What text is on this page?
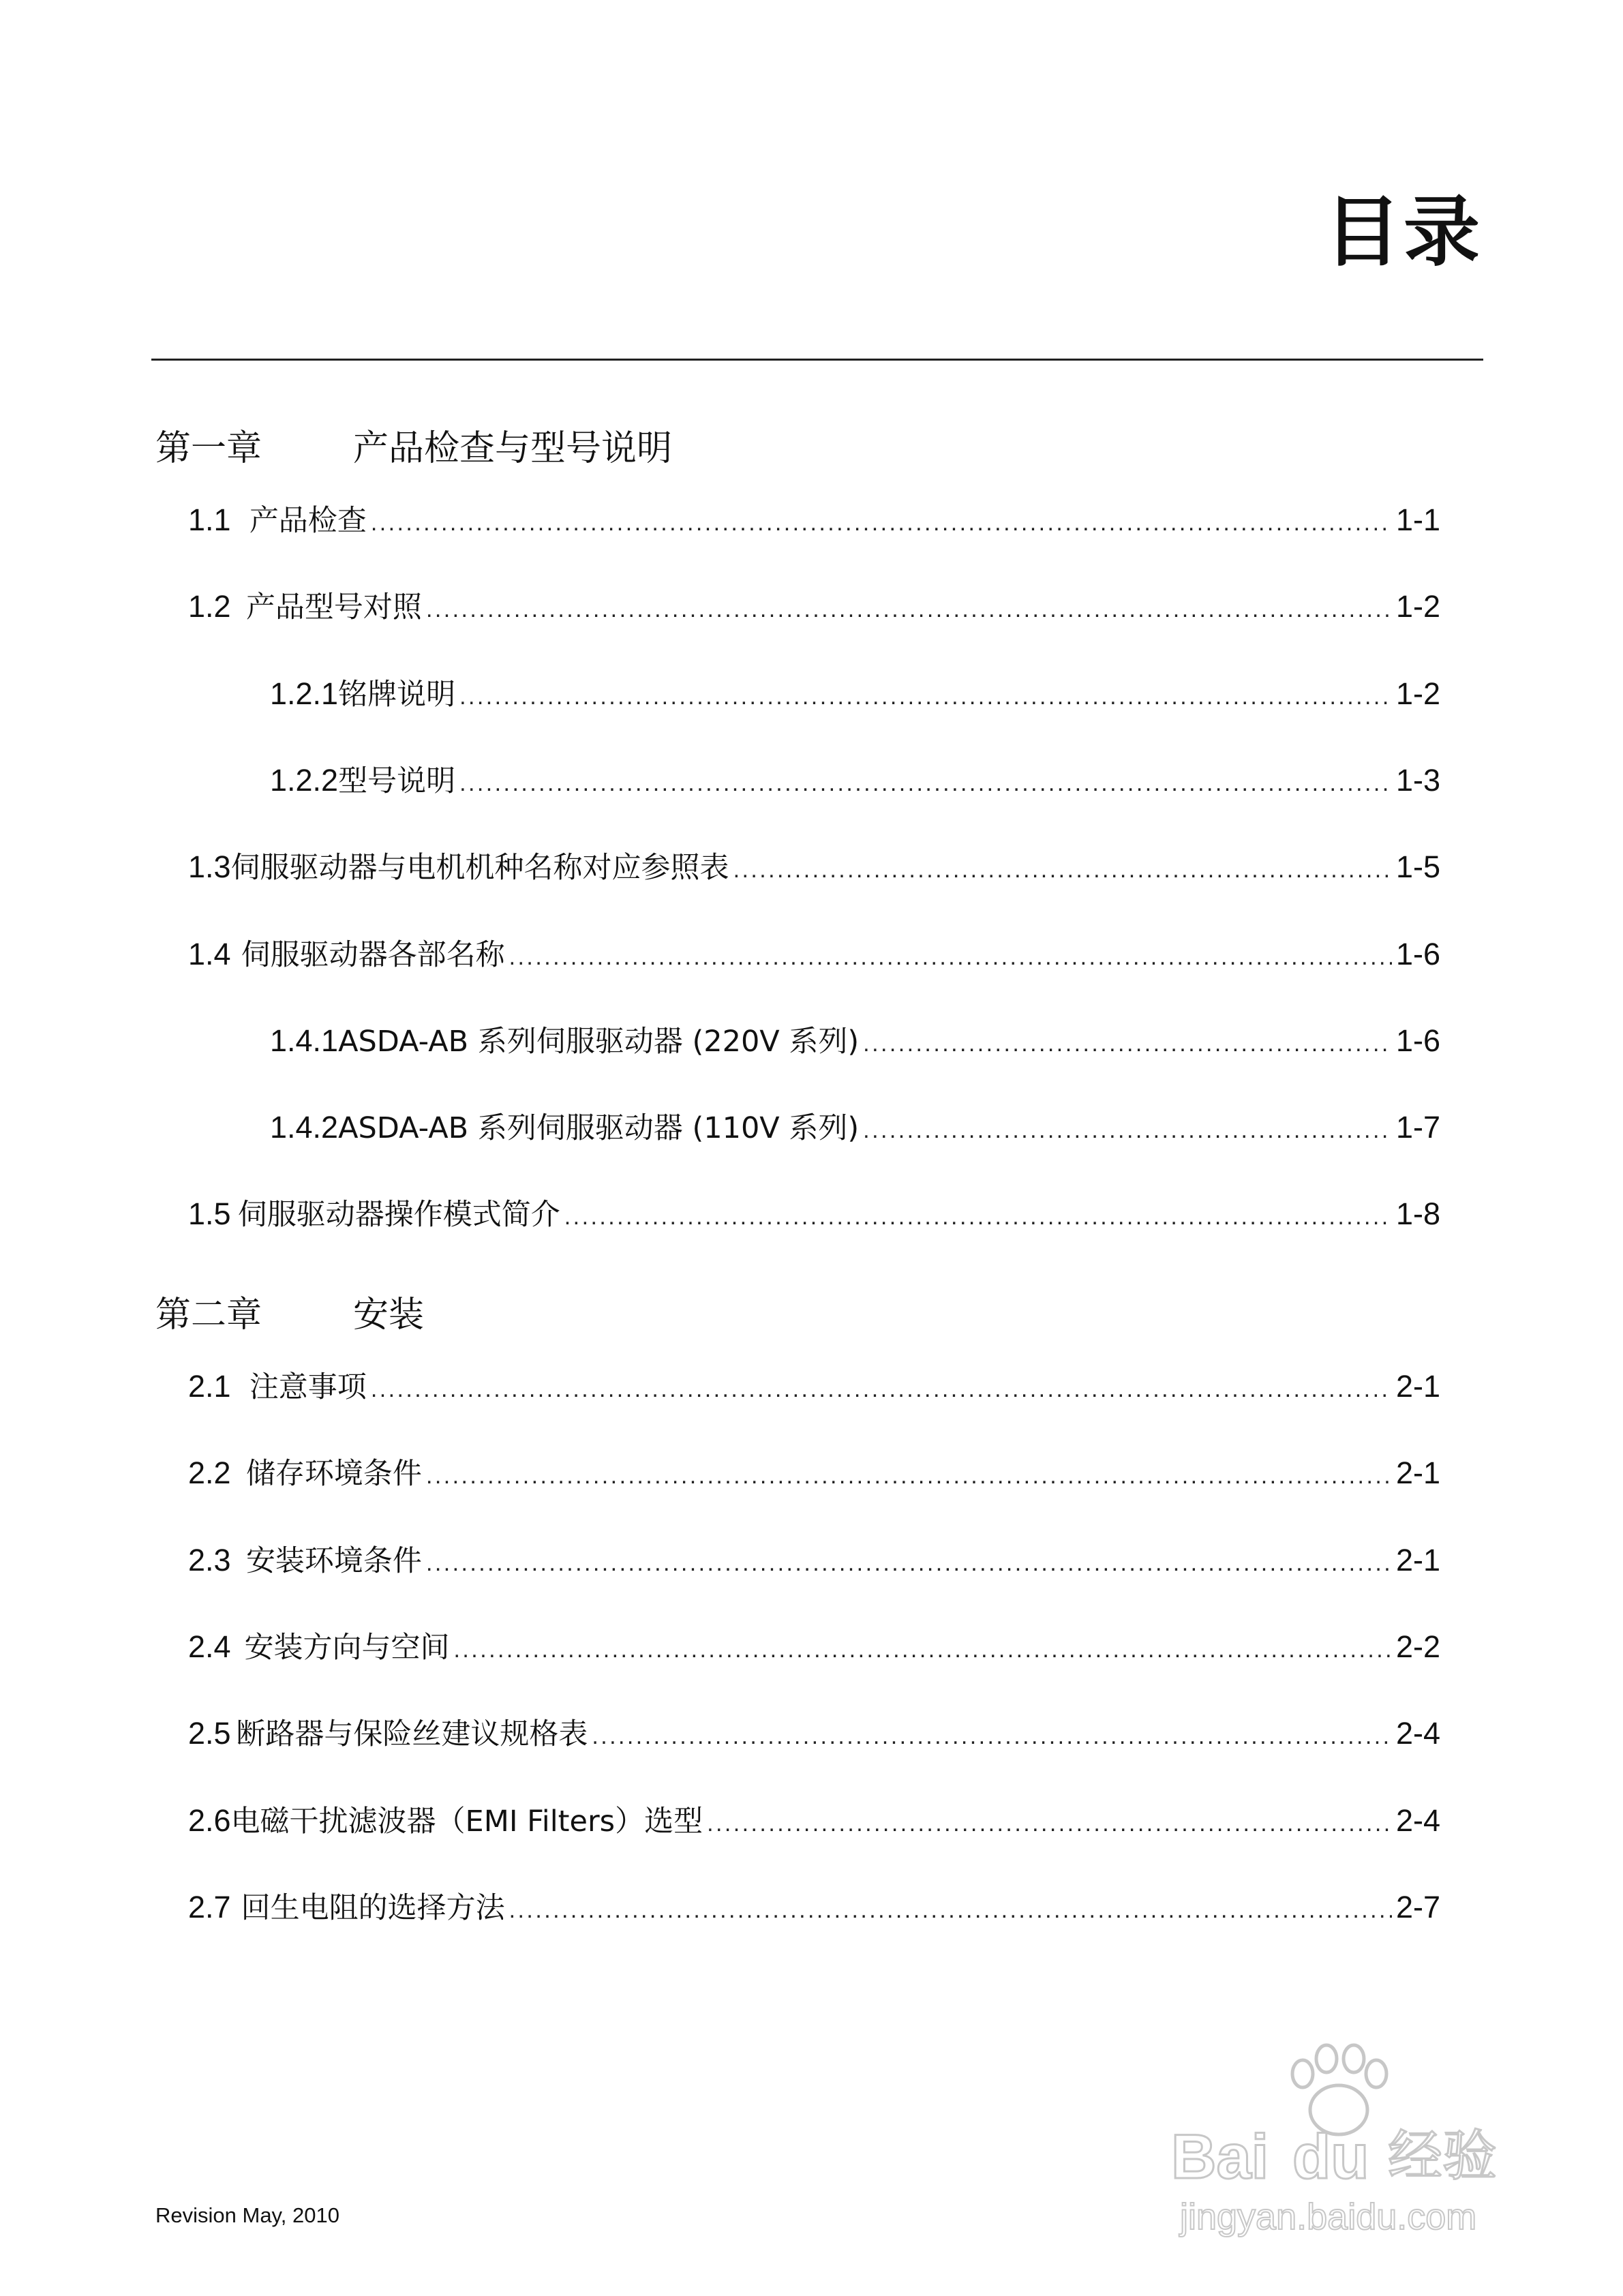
目录
第一章	产品检查与型号说明
1.1 产品检查 . . .	1-1
1.2 产品型号对照 . . .	1-2
1.2.1 铭牌说明 . . .	1-2
1.2.2 型号说明 . . .	1-3
1.3 伺服驱动器与电机机种名称对应参照表 . . .	1-5
1.4 伺服驱动器各部名称 . . .	1-6
1.4.1 ASDA-AB 系列伺服驱动器 (220V 系列) . . .	1-6
1.4.2 ASDA-AB 系列伺服驱动器 (110V 系列) . . .	1-7
1.5 伺服驱动器操作模式简介 . . .	1-8
第二章	安装
2.1 注意事项 . . .	2-1
2.2 储存环境条件 . . .	2-1
2.3 安装环境条件 . . .	2-1
2.4 安装方向与空间 . . .	2-2
2.5 断路器与保险丝建议规格表 . . .	2-4
2.6 电磁干扰滤波器（EMI Filters）选型 . . .	2-4
2.7 回生电阻的选择方法 . . .	2-7
Revision May, 2010
Bai du 经验
jingyan.baidu.com
